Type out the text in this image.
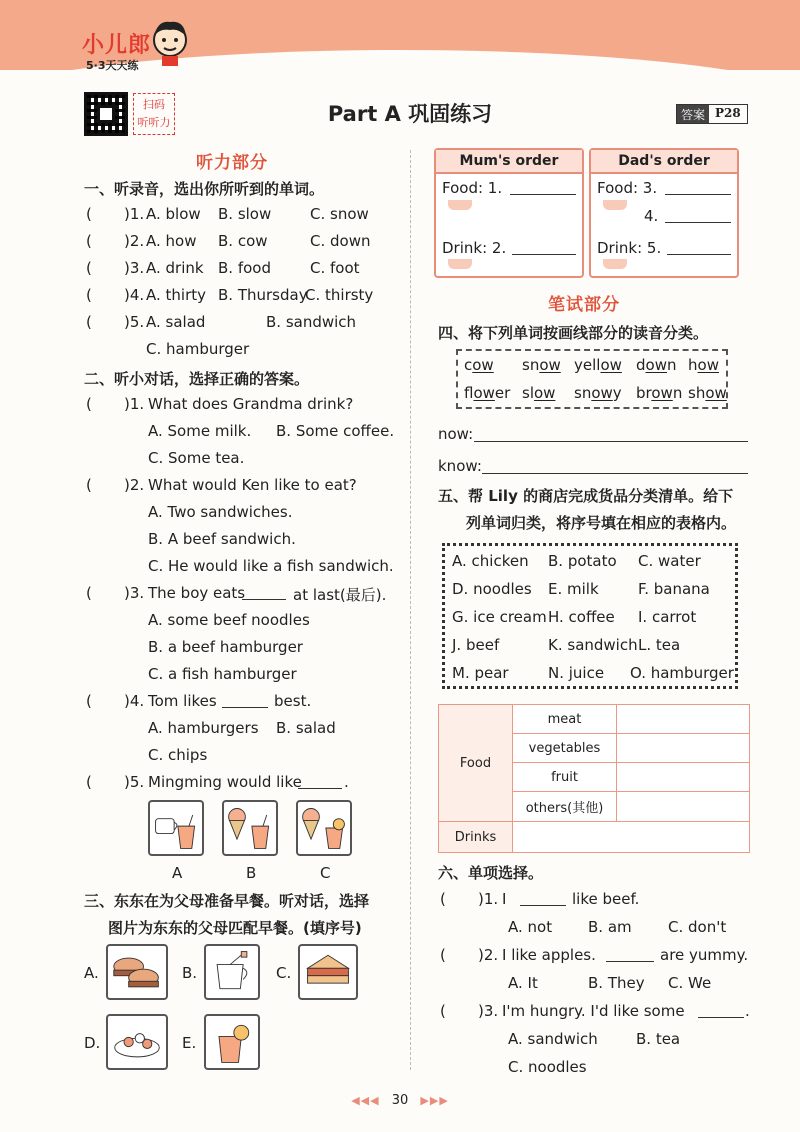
小儿郎
5·3天天练
扫码
听听力	Part A 巩固练习	答案 P28
听力部分
一、听录音，选出你所听到的单词。
( )1. A. blow B. slow	C. snow
( )2. A. how B. cow	C. down
( )3. A. drink B. food	C. foot
( )4. A. thirty B. Thursday
C. thirsty
( )5. A. salad	B. sandwich
C. hamburger
二、听小对话，选择正确的答案。
( )1. What does Grandma drink?
A. Some milk. B. Some coffee.
C. Some tea.
( )2. What would Ken like to eat?
A. Two sandwiches.
B. A beef sandwich.
C. He would like a fish sandwich.
( )3. The boy eats	at last(最后).
A. some beef noodles
B. a beef hamburger
C. a fish hamburger
( )4. Tom likes	best.
A. hamburgers B. salad
C. chips
( )5. Mingming would like	.
A	B	C
三、东东在为父母准备早餐。听对话，选择
图片为东东的父母匹配早餐。(填序号)
A.	B.	C.
D.	E.
Mum's order
Food: 1.
Drink: 2.
Dad's order
Food: 3.
4.
Drink: 5.
笔试部分
四、将下列单词按画线部分的读音分类。
cow snow yellow down how
flower slow snowy brown show
now:
know:
五、帮 Lily 的商店完成货品分类清单。给下
列单词归类，将序号填在相应的表格内。
A. chicken B. potato C. water
D. noodles E. milk	F. banana
G. ice cream H. coffee I. carrot
J. beef	K. sandwich L. tea
M. pear	N. juice O. hamburger
Food	meat	
	vegetables	
	fruit	
	others(其他)	
Drinks		
六、单项选择。
( )1. I	like beef.
A. not B. am C. don't
( )2. I like apples.	are yummy.
A. It	B. They C. We
( )3. I'm hungry. I'd like some	.
A. sandwich	B. tea
C. noodles
◀◀◀ 30 ▶▶▶
